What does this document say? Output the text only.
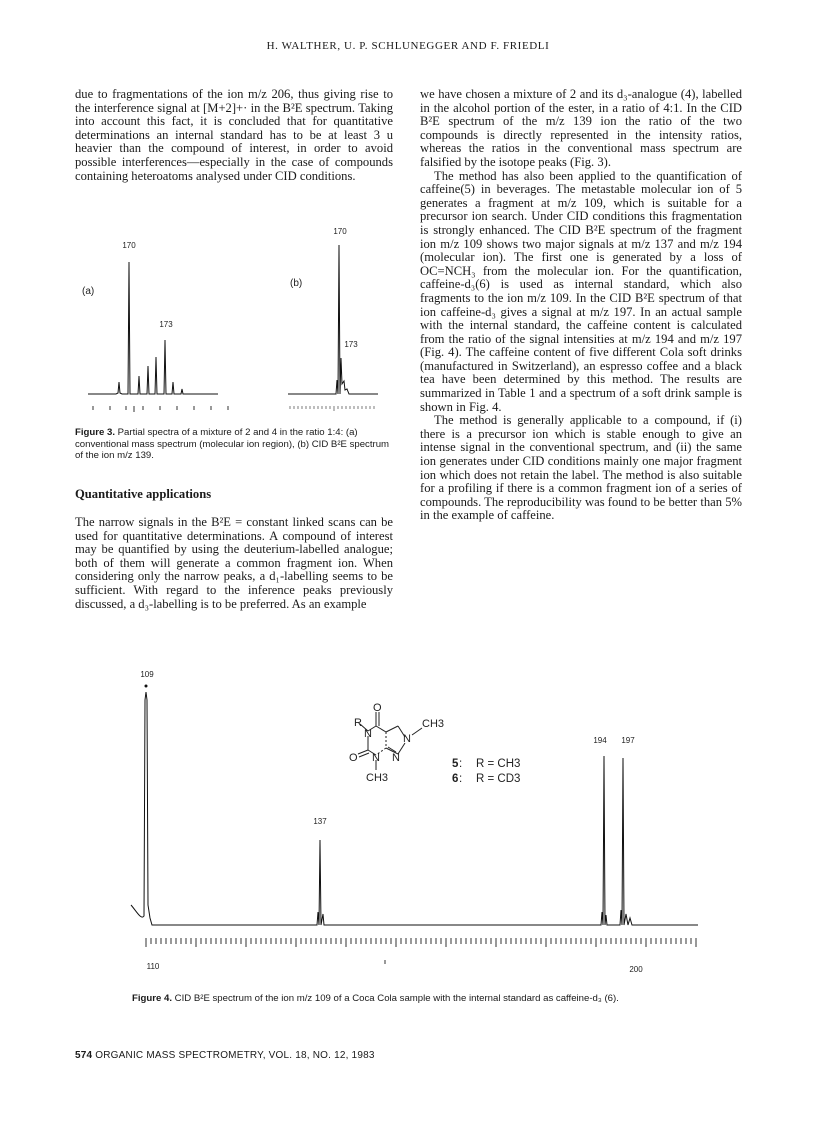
H. WALTHER, U. P. SCHLUNEGGER AND F. FRIEDLI

due to fragmentations of the ion m/z 206, thus giving rise to the interference signal at [M+2]+· in the B²E spectrum. Taking into account this fact, it is concluded that for quantitative determinations an internal standard has to be at least 3 u heavier than the compound of interest, in order to avoid possible interferences—especially in the case of compounds containing heteroatoms analysed under CID conditions.

170
173
170
173
(a)
(b)
Figure 3. Partial spectra of a mixture of 2 and 4 in the ratio 1:4: (a) conventional mass spectrum (molecular ion region), (b) CID B²E spectrum of the ion m/z 139.
Quantitative applications

The narrow signals in the B²E = constant linked scans can be used for quantitative determinations. A compound of interest may be quantified by using the deuterium-labelled analogue; both of them will generate a common fragment ion. When considering only the narrow peaks, a d₁-labelling seems to be sufficient. With regard to the inference peaks previously discussed, a d₃-labelling is to be preferred. As an example

we have chosen a mixture of 2 and its d₃-analogue (4), labelled in the alcohol portion of the ester, in a ratio of 4:1. In the CID B²E spectrum of the m/z 139 ion the ratio of the two compounds is directly represented in the intensity ratios, whereas the ratios in the conventional mass spectrum are falsified by the isotope peaks (Fig. 3).

The method has also been applied to the quantification of caffeine(5) in beverages. The metastable molecular ion of 5 generates a fragment at m/z 109, which is suitable for a precursor ion search. Under CID conditions this fragmentation is strongly enhanced. The CID B²E spectrum of the fragment ion m/z 109 shows two major signals at m/z 137 and m/z 194 (molecular ion). The first one is generated by a loss of OC=NCH₃ from the molecular ion. For the quantification, caffeine-d₃(6) is used as internal standard, which also fragments to the ion m/z 109. In the CID B²E spectrum of that ion caffeine-d₃ gives a signal at m/z 197. In an actual sample with the internal standard, the caffeine content is calculated from the ratio of the signal intensities at m/z 194 and m/z 197 (Fig. 4). The caffeine content of five different Cola soft drinks (manufactured in Switzerland), an espresso coffee and a black tea have been determined by this method. The results are summarized in Table 1 and a spectrum of a soft drink sample is shown in Fig. 4.

The method is generally applicable to a compound, if (i) there is a precursor ion which is stable enough to give an intense signal in the conventional spectrum, and (ii) the same ion generates under CID conditions mainly one major fragment ion which does not retain the label. The method is also suitable for a profiling if there is a common fragment ion of a series of compounds. The reproducibility was found to be better than 5% in the example of caffeine.

109
137
194 197
110	200
R
O
N	N
N N
CH3
O
CH3
5 : R = CH3
6 : R = CD3
Figure 4. CID B²E spectrum of the ion m/z 109 of a Coca Cola sample with the internal standard as caffeine-d₃ (6).
574 ORGANIC MASS SPECTROMETRY, VOL. 18, NO. 12, 1983
